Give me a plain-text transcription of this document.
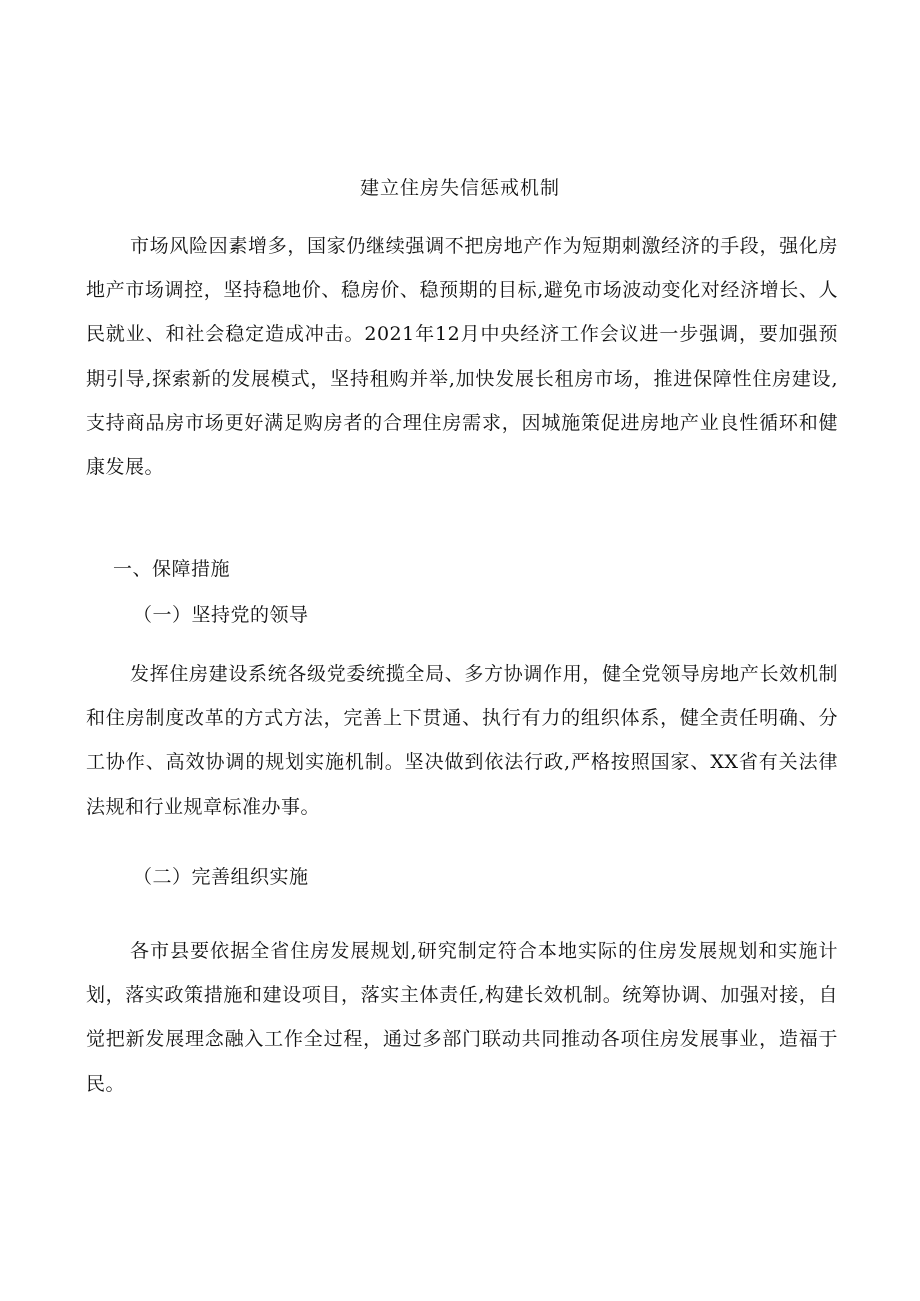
建立住房失信惩戒机制

市场风险因素增多，国家仍继续强调不把房地产作为短期刺激经济的手段，强化房地产市场调控，坚持稳地价、稳房价、稳预期的目标,避免市场波动变化对经济增长、人民就业、和社会稳定造成冲击。2021年12月中央经济工作会议进一步强调，要加强预期引导,探索新的发展模式，坚持租购并举,加快发展长租房市场，推进保障性住房建设,支持商品房市场更好满足购房者的合理住房需求，因城施策促进房地产业良性循环和健康发展。

一、保障措施
（一）坚持党的领导

发挥住房建设系统各级党委统揽全局、多方协调作用，健全党领导房地产长效机制和住房制度改革的方式方法，完善上下贯通、执行有力的组织体系，健全责任明确、分工协作、高效协调的规划实施机制。坚决做到依法行政,严格按照国家、XX省有关法律法规和行业规章标准办事。

（二）完善组织实施

各市县要依据全省住房发展规划,研究制定符合本地实际的住房发展规划和实施计划，落实政策措施和建设项目，落实主体责任,构建长效机制。统筹协调、加强对接，自觉把新发展理念融入工作全过程，通过多部门联动共同推动各项住房发展事业，造福于民。
